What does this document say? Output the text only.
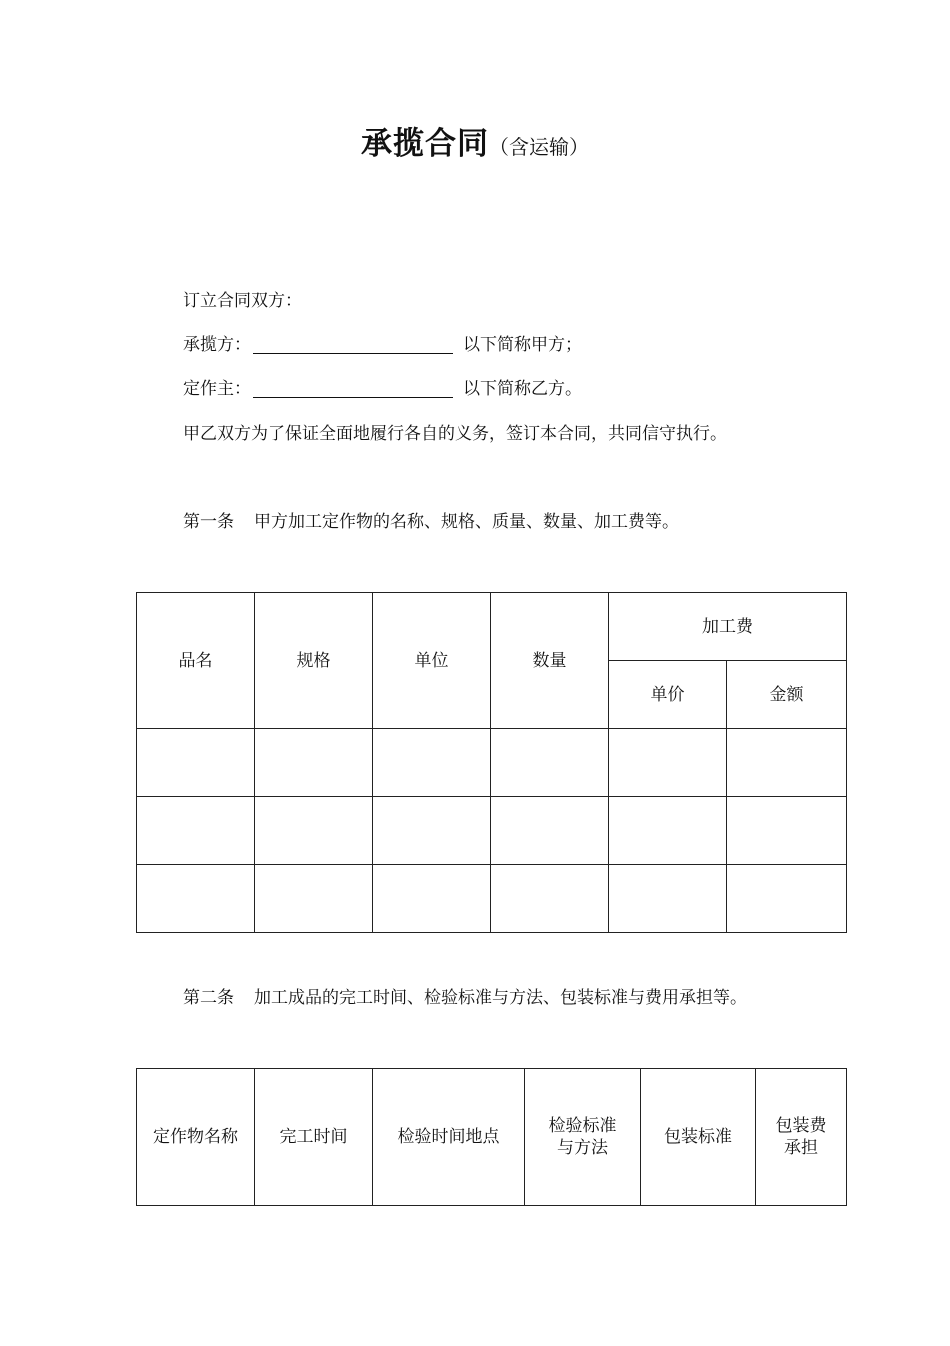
承揽合同（含运输）
订立合同双方：
承揽方：	以下简称甲方；
定作主：	以下简称乙方。
甲乙双方为了保证全面地履行各自的义务，签订本合同，共同信守执行。
第一条 甲方加工定作物的名称、规格、质量、数量、加工费等。
品名	规格	单位	数量	加工费	
				单价	金额

第二条 加工成品的完工时间、检验标准与方法、包装标准与费用承担等。
定作物名称	完工时间	检验时间地点	检验标准与方法	包装标准	包装费承担
